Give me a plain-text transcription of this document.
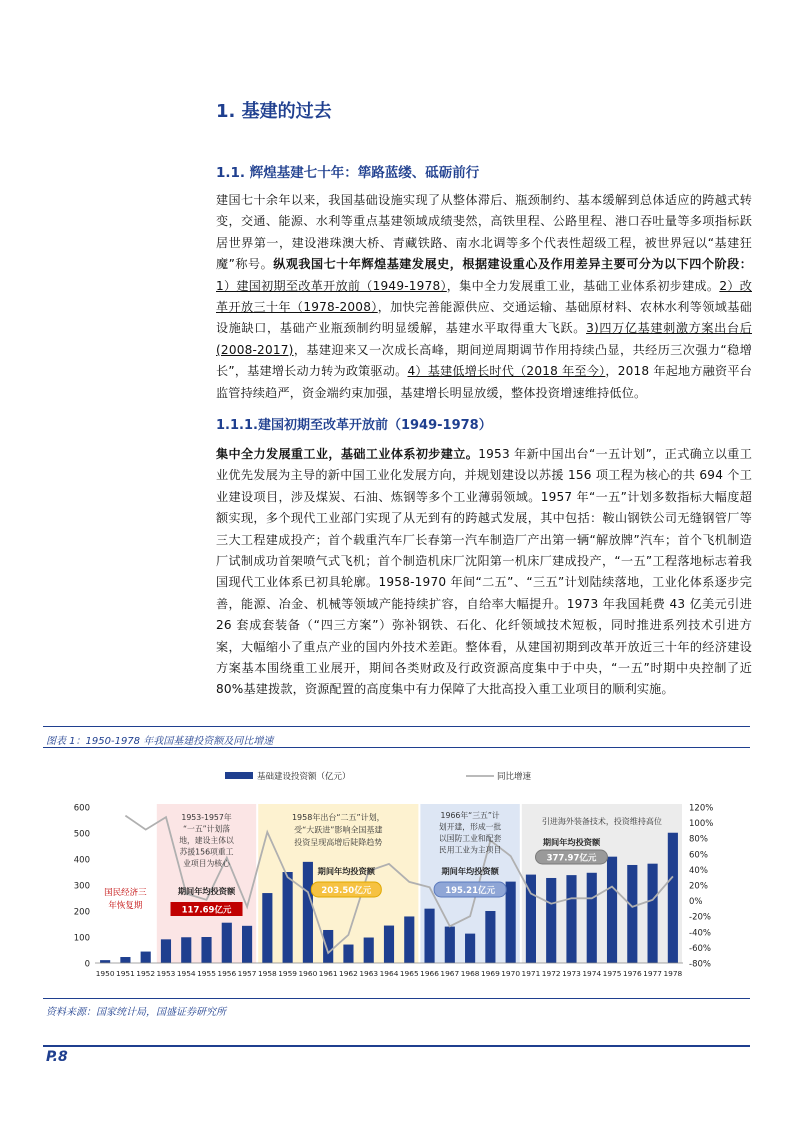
1. 基建的过去
1.1. 辉煌基建七十年：筚路蓝缕、砥砺前行
建国七十余年以来，我国基础设施实现了从整体滞后、瓶颈制约、基本缓解到总体适应的跨越式转变，交通、能源、水利等重点基建领域成绩斐然，高铁里程、公路里程、港口吞吐量等多项指标跃居世界第一，建设港珠澳大桥、青藏铁路、南水北调等多个代表性超级工程，被世界冠以“基建狂魔”称号。纵观我国七十年辉煌基建发展史，根据建设重心及作用差异主要可分为以下四个阶段：1）建国初期至改革开放前（1949-1978），集中全力发展重工业，基础工业体系初步建成。2）改革开放三十年（1978-2008），加快完善能源供应、交通运输、基础原材料、农林水利等领域基础设施缺口，基础产业瓶颈制约明显缓解，基建水平取得重大飞跃。3)四万亿基建刺激方案出台后(2008-2017)，基建迎来又一次成长高峰，期间逆周期调节作用持续凸显，共经历三次强力“稳增长”，基建增长动力转为政策驱动。4）基建低增长时代（2018 年至今），2018 年起地方融资平台监管持续趋严，资金端约束加强，基建增长明显放缓，整体投资增速维持低位。
1.1.1.建国初期至改革开放前（1949-1978）
集中全力发展重工业，基础工业体系初步建立。1953 年新中国出台“一五计划”，正式确立以重工业优先发展为主导的新中国工业化发展方向，并规划建设以苏援 156 项工程为核心的共 694 个工业建设项目，涉及煤炭、石油、炼钢等多个工业薄弱领域。1957 年“一五”计划多数指标大幅度超额实现，多个现代工业部门实现了从无到有的跨越式发展，其中包括：鞍山钢铁公司无缝钢管厂等三大工程建成投产；首个载重汽车厂长春第一汽车制造厂产出第一辆“解放牌”汽车；首个飞机制造厂试制成功首架喷气式飞机；首个制造机床厂沈阳第一机床厂建成投产，“一五”工程落地标志着我国现代工业体系已初具轮廓。1958-1970 年间“二五”、“三五”计划陆续落地，工业化体系逐步完善，能源、冶金、机械等领域产能持续扩容，自给率大幅提升。1973 年我国耗费 43 亿美元引进 26 套成套装备（“四三方案”）弥补钢铁、石化、化纤领域技术短板，同时推进系列技术引进方案，大幅缩小了重点产业的国内外技术差距。整体看，从建国初期到改革开放近三十年的经济建设方案基本围绕重工业展开，期间各类财政及行政资源高度集中于中央，“一五”时期中央控制了近 80%基建拨款，资源配置的高度集中有力保障了大批高投入重工业项目的顺利实施。
图表 1：1950-1978 年我国基建投资额及同比增速
0
100
200
300
400
500
600
-80%
-60%
-40%
-20%
0%
20%
40%
60%
80%
100%
120%
1950 1951 1952 1953 1954 1955 1956 1957 1958 1959 1960 1961 1962 1963 1964 1965 1966 1967 1968 1969 1970 1971 1972 1973 1974 1975 1976 1977 1978
基础建设投资额（亿元）	同比增速
国民经济三
年恢复期
1953-1957年
“一五”计划落
地，建设主体以
苏援156项重工
业项目为核心
期间年均投资额
117.69亿元
1958年出台“二五”计划，
受“大跃进”影响全国基建
投资呈现高增后陡降趋势
期间年均投资额
203.50亿元
1966年“三五”计
划开建，形成一批
以国防工业和配套
民用工业为主项目
期间年均投资额
195.21亿元
引进海外装备技术，投资维持高位
期间年均投资额
377.97亿元
资料来源：国家统计局，国盛证券研究所
P.8
